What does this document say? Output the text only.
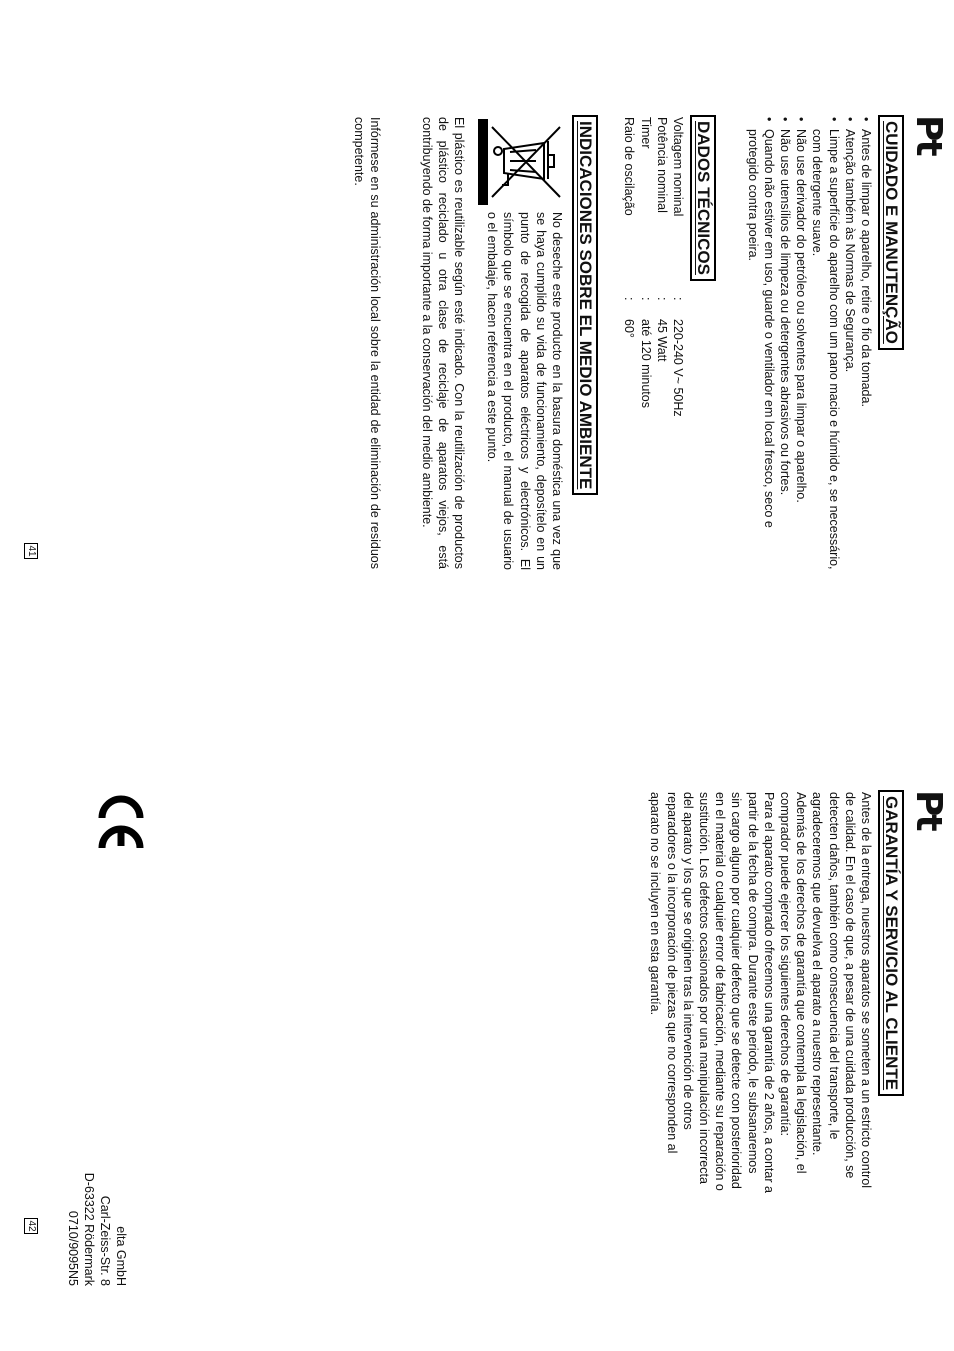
Pt
CUIDADO E MANUTENÇÃO
• Antes de limpar o aparelho, retire o fio da tomada.
• Atenção também às Normas de Segurança.
• Limpe a superfície do aparelho com um pano macio e húmido e, se necessário, com detergente suave.
• Não use derivador do petróleo ou solventes para limpar o aparelho.
• Não use utensílios de limpeza ou detergentes abrasivos ou fortes.
• Quando não estiver em uso, guarde o ventilador em local fresco, seco e protegido contra poeira.
DADOS TÉCNICOS
Voltagem nominal	:	220-240 V~ 50Hz
Potência nominal	:	45 Watt
Timer	:	até 120 minutos
Raio de oscilação	:	60°
INDICACIONES SOBRE EL MEDIO AMBIENTE

No deseche este producto en la basura doméstica una vez que se haya cumplido su vida de funcionamiento, deposítelo en un punto de recogida de aparatos eléctricos y electrónicos. El símbolo que se encuentra en el producto, el manual de usuario o el embalaje, hacen referencia a este punto.

El plástico es reutilizable según esté indicado. Con la reutilización de productos de plástico reciclado u otra clase de reciclaje de aparatos viejos, está contribuyendo de forma importante a la conservación del medio ambiente.

Infórmese en su administración local sobre la entidad de eliminación de residuos competente.

41
Pt
GARANTÍA Y SERVICIO AL CLIENTE
Antes de la entrega, nuestros aparatos se someten a un estricto control
de calidad. En el caso de que, a pesar de una cuidada producción, se
detecten daños, también como consecuencia del transporte, le
agradeceremos que devuelva el aparato a nuestro representante.
Además de los derechos de garantía que contempla la legislación, el
comprador puede ejercer los siguientes derechos de garantía:
Para el aparato comprado ofrecemos una garantía de 2 años, a contar a
partir de la fecha de compra. Durante este periodo, le subsanaremos
sin cargo alguno por cualquier defecto que se detecte con posterioridad
en el material o cualquier error de fabricación, mediante su reparación o
sustitución. Los defectos ocasionados por una manipulación incorrecta
del aparato y los que se originen tras la intervención de otros
reparadores o la incorporación de piezas que no corresponden al
aparato no se incluyen en esta garantía.
elta GmbH
Carl-Zeiss-Str. 8
D-63322 Rödermark
0710/9095N5
42
